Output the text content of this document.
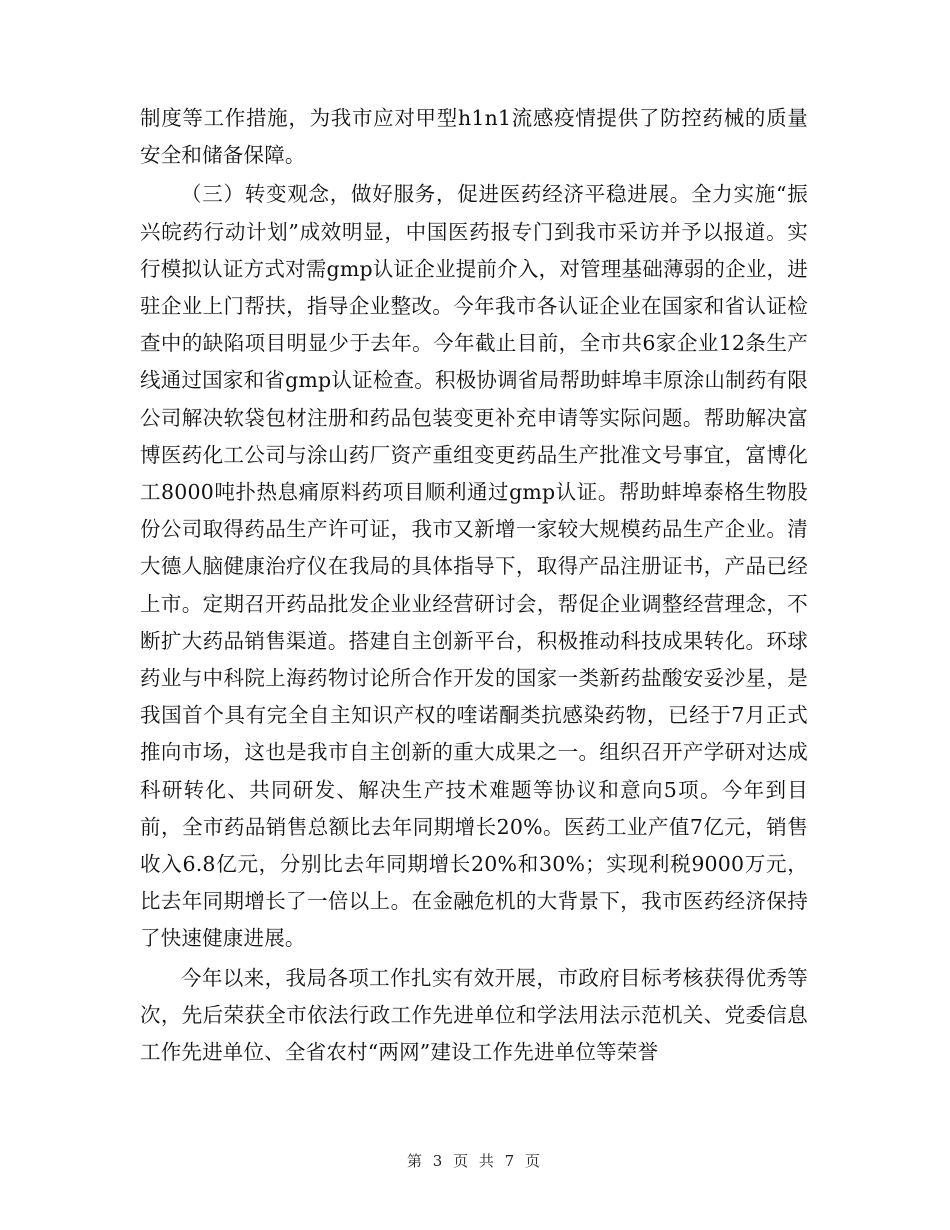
制度等工作措施，为我市应对甲型h1n1流感疫情提供了防控药械的质量安全和储备保障。

（三）转变观念，做好服务，促进医药经济平稳进展。全力实施“振兴皖药行动计划”成效明显，中国医药报专门到我市采访并予以报道。实行模拟认证方式对需gmp认证企业提前介入，对管理基础薄弱的企业，进驻企业上门帮扶，指导企业整改。今年我市各认证企业在国家和省认证检查中的缺陷项目明显少于去年。今年截止目前，全市共6家企业12条生产线通过国家和省gmp认证检查。积极协调省局帮助蚌埠丰原涂山制药有限公司解决软袋包材注册和药品包装变更补充申请等实际问题。帮助解决富博医药化工公司与涂山药厂资产重组变更药品生产批准文号事宜，富博化工8000吨扑热息痛原料药项目顺利通过gmp认证。帮助蚌埠泰格生物股份公司取得药品生产许可证，我市又新增一家较大规模药品生产企业。清大德人脑健康治疗仪在我局的具体指导下，取得产品注册证书，产品已经上市。定期召开药品批发企业业经营研讨会，帮促企业调整经营理念，不断扩大药品销售渠道。搭建自主创新平台，积极推动科技成果转化。环球药业与中科院上海药物讨论所合作开发的国家一类新药盐酸安妥沙星，是我国首个具有完全自主知识产权的喹诺酮类抗感染药物，已经于7月正式推向市场，这也是我市自主创新的重大成果之一。组织召开产学研对达成科研转化、共同研发、解决生产技术难题等协议和意向5项。今年到目前，全市药品销售总额比去年同期增长20%。医药工业产值7亿元，销售收入6.8亿元，分别比去年同期增长20%和30%；实现利税9000万元，比去年同期增长了一倍以上。在金融危机的大背景下，我市医药经济保持了快速健康进展。

今年以来，我局各项工作扎实有效开展，市政府目标考核获得优秀等次，先后荣获全市依法行政工作先进单位和学法用法示范机关、党委信息工作先进单位、全省农村“两网”建设工作先进单位等荣誉

第 3 页 共 7 页
